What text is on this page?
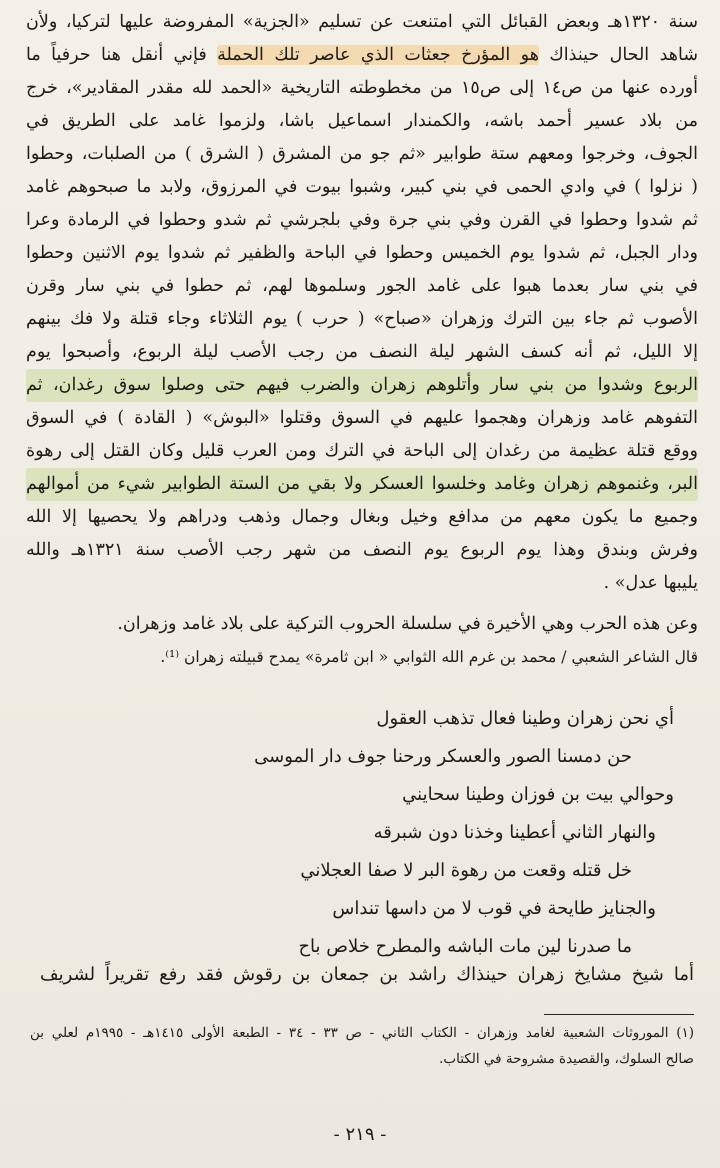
سنة ١٣٢٠هـ وبعض القبائل التي امتنعت عن تسليم «الجزية» المفروضة عليها لتركيا، ولأن
شاهد الحال حينذاك هو المؤرخ جعثات الذي عاصر تلك الحملة فإني أنقل هنا حرفياً ما
أورده عنها من ص١٤ إلى ص١٥ من مخطوطته التاريخية «الحمد لله مقدر المقادير»، خرج
من بلاد عسير أحمد باشه، والكمندار اسماعيل باشا، ولزموا غامد على الطريق في
الجوف، وخرجوا ومعهم ستة طوابير «ثم جو من المشرق ( الشرق ) من الصلبات، وحطوا
( نزلوا ) في وادي الحمى في بني كبير، وشبوا بيوت في المرزوق، ولابد ما صبحوهم غامد
ثم شدوا وحطوا في القرن وفي بني جرة وفي بلجرشي ثم شدو وحطوا في الرمادة وعرا
ودار الجبل، ثم شدوا يوم الخميس وحطوا في الباحة والظفير ثم شدوا يوم الاثنين وحطوا
في بني سار بعدما هبوا على غامد الجور وسلموها لهم، ثم حطوا في بني سار وقرن
الأصوب ثم جاء بين الترك وزهران «صباح» ( حرب ) يوم الثلاثاء وجاء قتلة ولا فك بينهم
إلا الليل، ثم أنه كسف الشهر ليلة النصف من رجب الأصب ليلة الربوع، وأصبحوا يوم
الربوع وشدوا من بني سار وأتلوهم زهران والضرب فيهم حتى وصلوا سوق رغدان، ثم
التفوهم غامد وزهران وهجموا عليهم في السوق وقتلوا «البوش» ( القادة ) في السوق
ووقع قتلة عظيمة من رغدان إلى الباحة في الترك ومن العرب قليل وكان القتل إلى رهوة
البر، وغنموهم زهران وغامد وخلسوا العسكر ولا بقي من الستة الطوابير شيء من أموالهم
وجميع ما يكون معهم من مدافع وخيل وبغال وجمال وذهب ودراهم ولا يحصيها إلا الله
وفرش وبندق وهذا يوم الربوع يوم النصف من شهر رجب الأصب سنة ١٣٢١هـ والله
يليبها عدل» .
وعن هذه الحرب وهي الأخيرة في سلسلة الحروب التركية على بلاد غامد وزهران.
قال الشاعر الشعبي / محمد بن غرم الله الثوابي « ابن ثامرة» يمدح قبيلته زهران ⁽¹⁾.
أي نحن زهران وطينا فعال تذهب العقول
حن دمسنا الصور والعسكر ورحنا جوف دار الموسى
وحوالي بيت بن فوزان وطينا سحايني
والنهار الثاني أعطينا وخذنا دون شبرقه
خل قتله وقعت من رهوة البر لا صفا العجلاني
والجنايز طايحة في قوب لا من داسها تنداس
ما صدرنا لين مات الباشه والمطرح خلاص باح
أما شيخ مشايخ زهران حينذاك راشد بن جمعان بن رقوش فقد رفع تقريراً لشريف
(١) الموروثات الشعبية لغامد وزهران - الكتاب الثاني - ص ٣٣ - ٣٤ - الطبعة الأولى ١٤١٥هـ - ١٩٩٥م لعلي بن
صالح السلوك، والقصيدة مشروحة في الكتاب.
- ٢١٩ -
